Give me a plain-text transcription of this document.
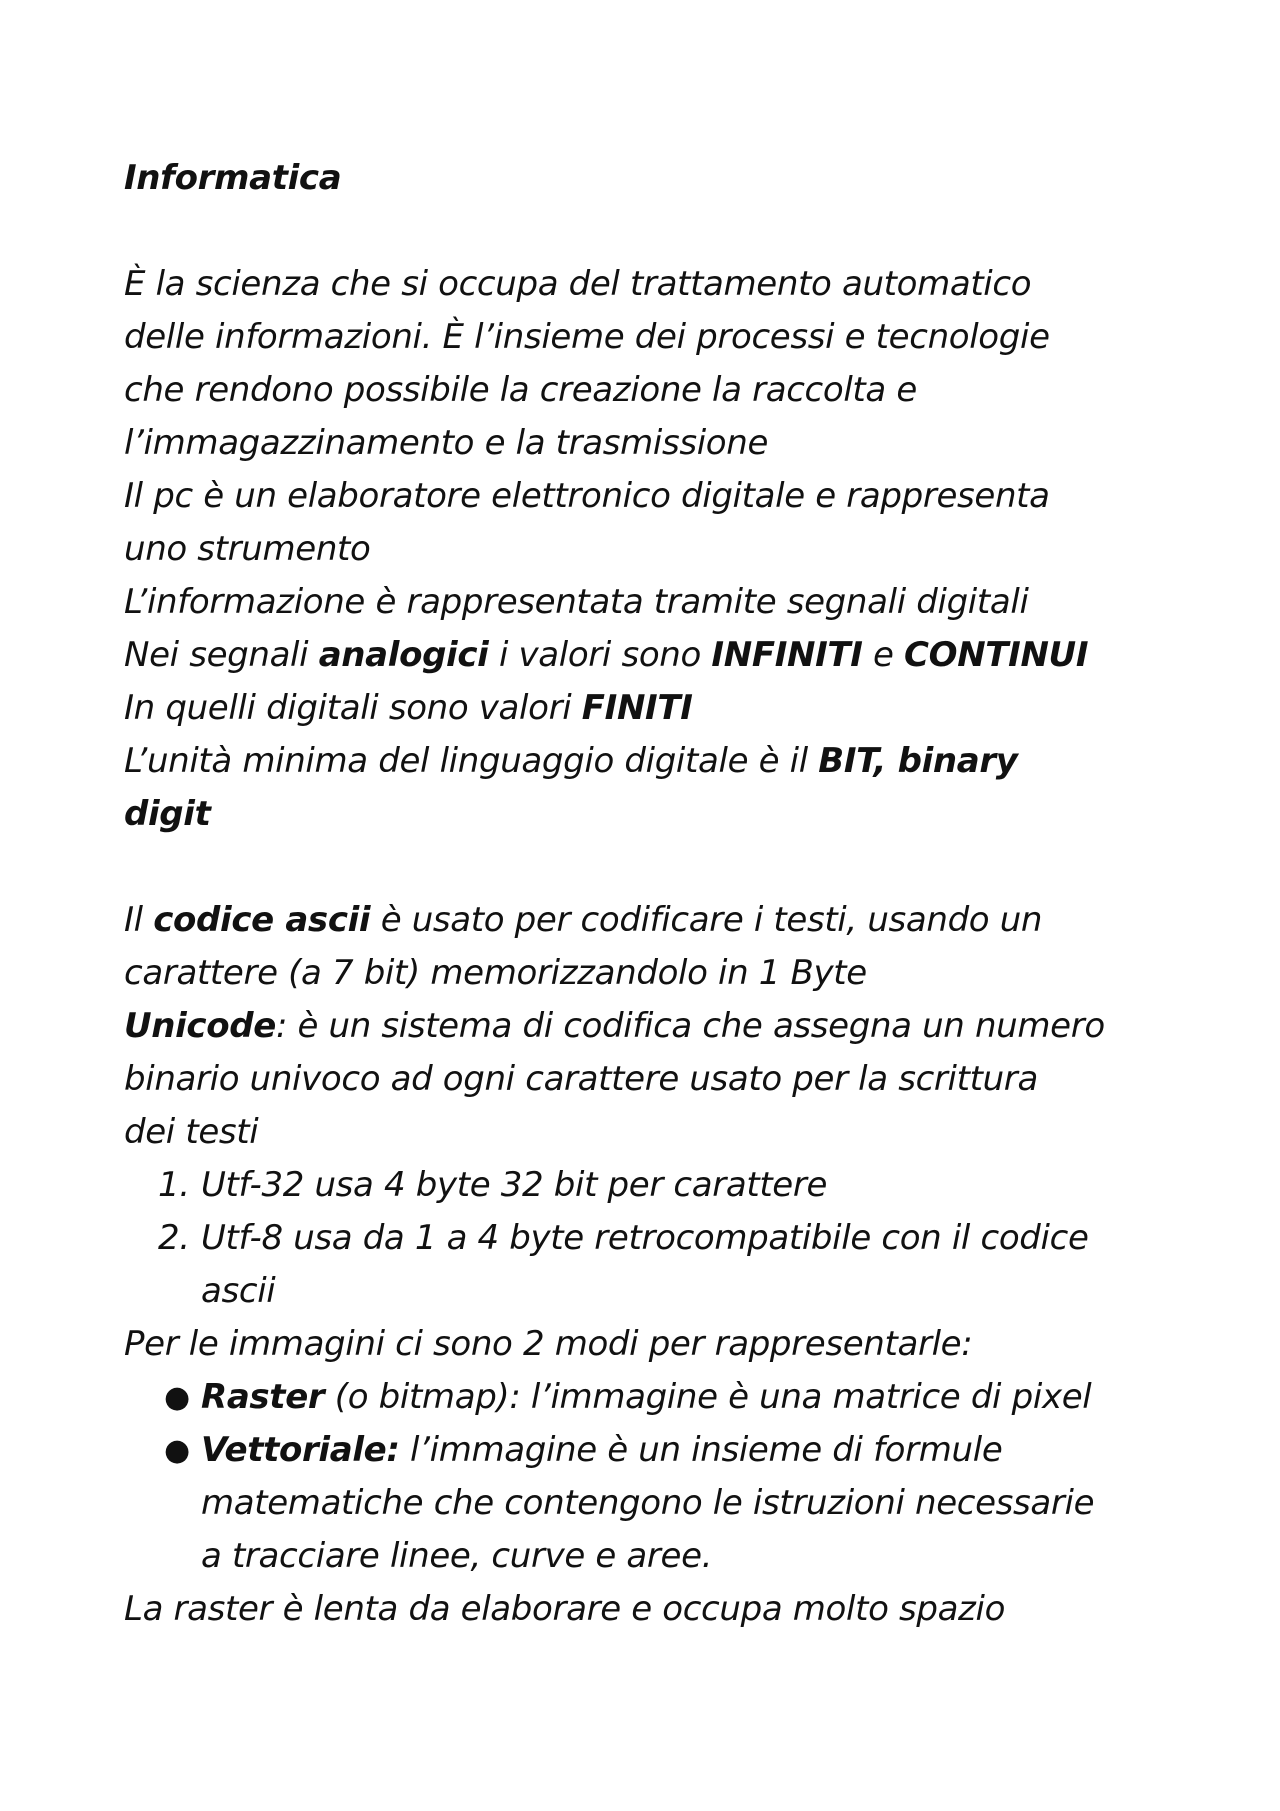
Informatica
È la scienza che si occupa del trattamento automatico
delle informazioni. È l’insieme dei processi e tecnologie
che rendono possibile la creazione la raccolta e
l’immagazzinamento e la trasmissione
Il pc è un elaboratore elettronico digitale e rappresenta
uno strumento
L’informazione è rappresentata tramite segnali digitali
Nei segnali analogici i valori sono INFINITI e CONTINUI
In quelli digitali sono valori FINITI
L’unità minima del linguaggio digitale è il BIT, binary
digit
Il codice ascii è usato per codificare i testi, usando un
carattere (a 7 bit) memorizzandolo in 1 Byte
Unicode: è un sistema di codifica che assegna un numero
binario univoco ad ogni carattere usato per la scrittura
dei testi
1. Utf-32 usa 4 byte 32 bit per carattere
2. Utf-8 usa da 1 a 4 byte retrocompatibile con il codice
ascii
Per le immagini ci sono 2 modi per rappresentarle:
● Raster (o bitmap): l’immagine è una matrice di pixel
● Vettoriale: l’immagine è un insieme di formule
matematiche che contengono le istruzioni necessarie
a tracciare linee, curve e aree.
La raster è lenta da elaborare e occupa molto spazio
